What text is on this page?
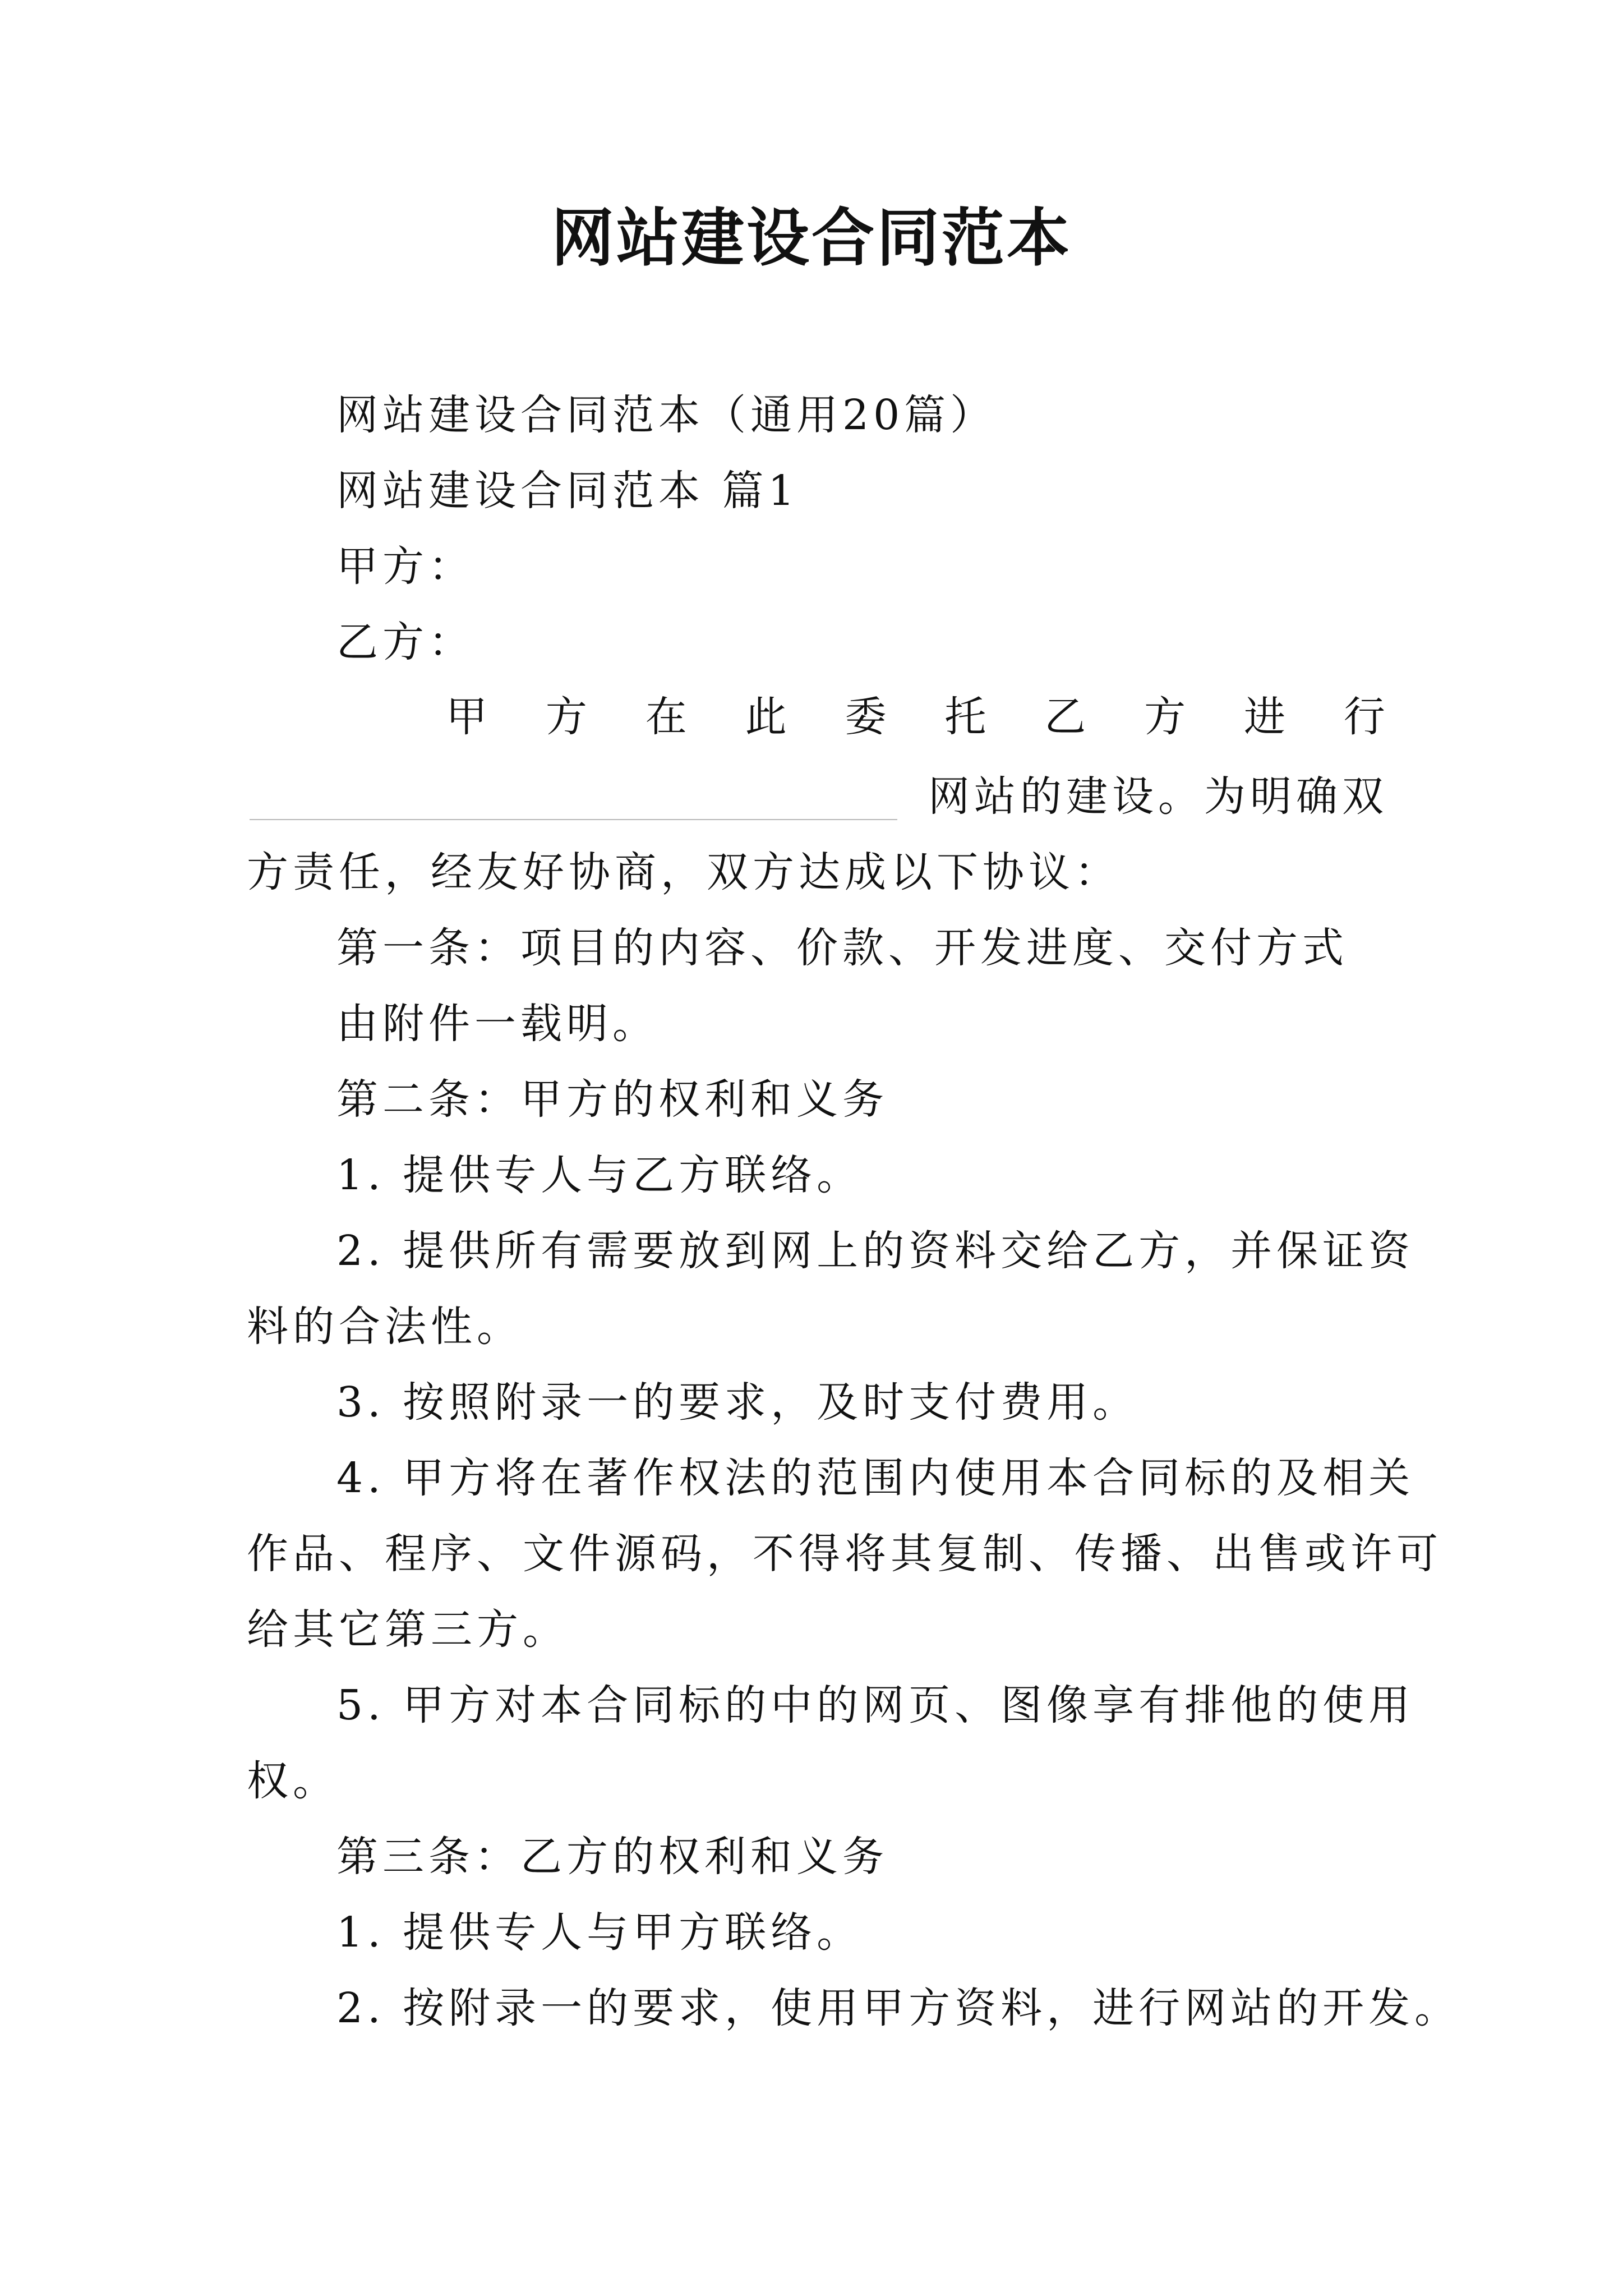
网站建设合同范本
网站建设合同范本（通用20篇）
网站建设合同范本 篇1
甲方：
乙方：
甲 方 在 此 委 托 乙 方 进 行
网站的建设。为明确双
方责任，经友好协商，双方达成以下协议：
第一条：项目的内容、价款、开发进度、交付方式
由附件一载明。
第二条：甲方的权利和义务
1. 提供专人与乙方联络。
2. 提供所有需要放到网上的资料交给乙方，并保证资
料的合法性。
3. 按照附录一的要求，及时支付费用。
4. 甲方将在著作权法的范围内使用本合同标的及相关
作品、程序、文件源码，不得将其复制、传播、出售或许可
给其它第三方。
5. 甲方对本合同标的中的网页、图像享有排他的使用
权。
第三条：乙方的权利和义务
1. 提供专人与甲方联络。
2. 按附录一的要求，使用甲方资料，进行网站的开发。
